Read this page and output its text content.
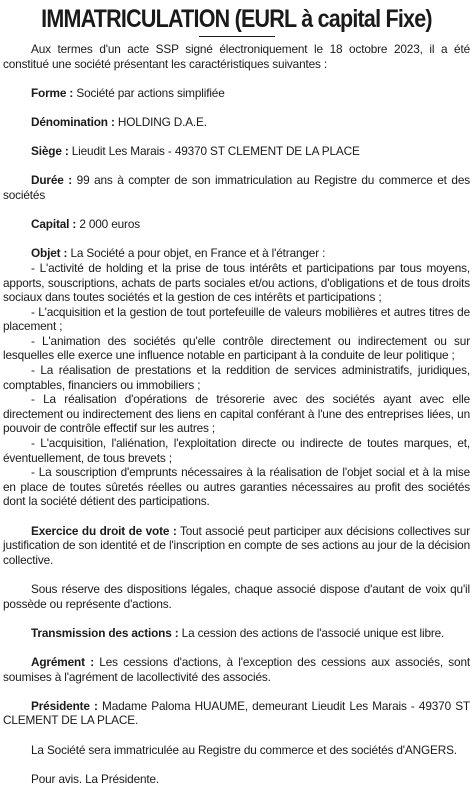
IMMATRICULATION (EURL à capital Fixe)

Aux termes d'un acte SSP signé électroniquement le 18 octobre 2023, il a été constitué une société présentant les caractéristiques suivantes :

Forme : Société par actions simplifiée

Dénomination : HOLDING D.A.E.

Siège : Lieudit Les Marais - 49370 ST CLEMENT DE LA PLACE

Durée : 99 ans à compter de son immatriculation au Registre du commerce et des sociétés

Capital : 2 000 euros

Objet : La Société a pour objet, en France et à l'étranger :

- L'activité de holding et la prise de tous intérêts et participations par tous moyens, apports, souscriptions, achats de parts sociales et/ou actions, d'obligations et de tous droits sociaux dans toutes sociétés et la gestion de ces intérêts et participations ;
- L'acquisition et la gestion de tout portefeuille de valeurs mobilières et autres titres de placement ;
- L'animation des sociétés qu'elle contrôle directement ou indirectement ou sur lesquelles elle exerce une influence notable en participant à la conduite de leur politique ;
- La réalisation de prestations et la reddition de services administratifs, juridiques, comptables, financiers ou immobiliers ;
- La réalisation d'opérations de trésorerie avec des sociétés ayant avec elle directement ou indirectement des liens en capital conférant à l'une des entreprises liées, un pouvoir de contrôle effectif sur les autres ;
- L'acquisition, l'aliénation, l'exploitation directe ou indirecte de toutes marques, et, éventuellement, de tous brevets ;
- La souscription d'emprunts nécessaires à la réalisation de l'objet social et à la mise en place de toutes sûretés réelles ou autres garanties nécessaires au profit des sociétés dont la société détient des participations.

Exercice du droit de vote : Tout associé peut participer aux décisions collectives sur justification de son identité et de l'inscription en compte de ses actions au jour de la décision collective.

Sous réserve des dispositions légales, chaque associé dispose d'autant de voix qu'il possède ou représente d'actions.

Transmission des actions : La cession des actions de l'associé unique est libre.

Agrément : Les cessions d'actions, à l'exception des cessions aux associés, sont soumises à l'agrément de lacollectivité des associés.

Présidente : Madame Paloma HUAUME, demeurant Lieudit Les Marais - 49370 ST CLEMENT DE LA PLACE.

La Société sera immatriculée au Registre du commerce et des sociétés d'ANGERS.

Pour avis. La Présidente.
